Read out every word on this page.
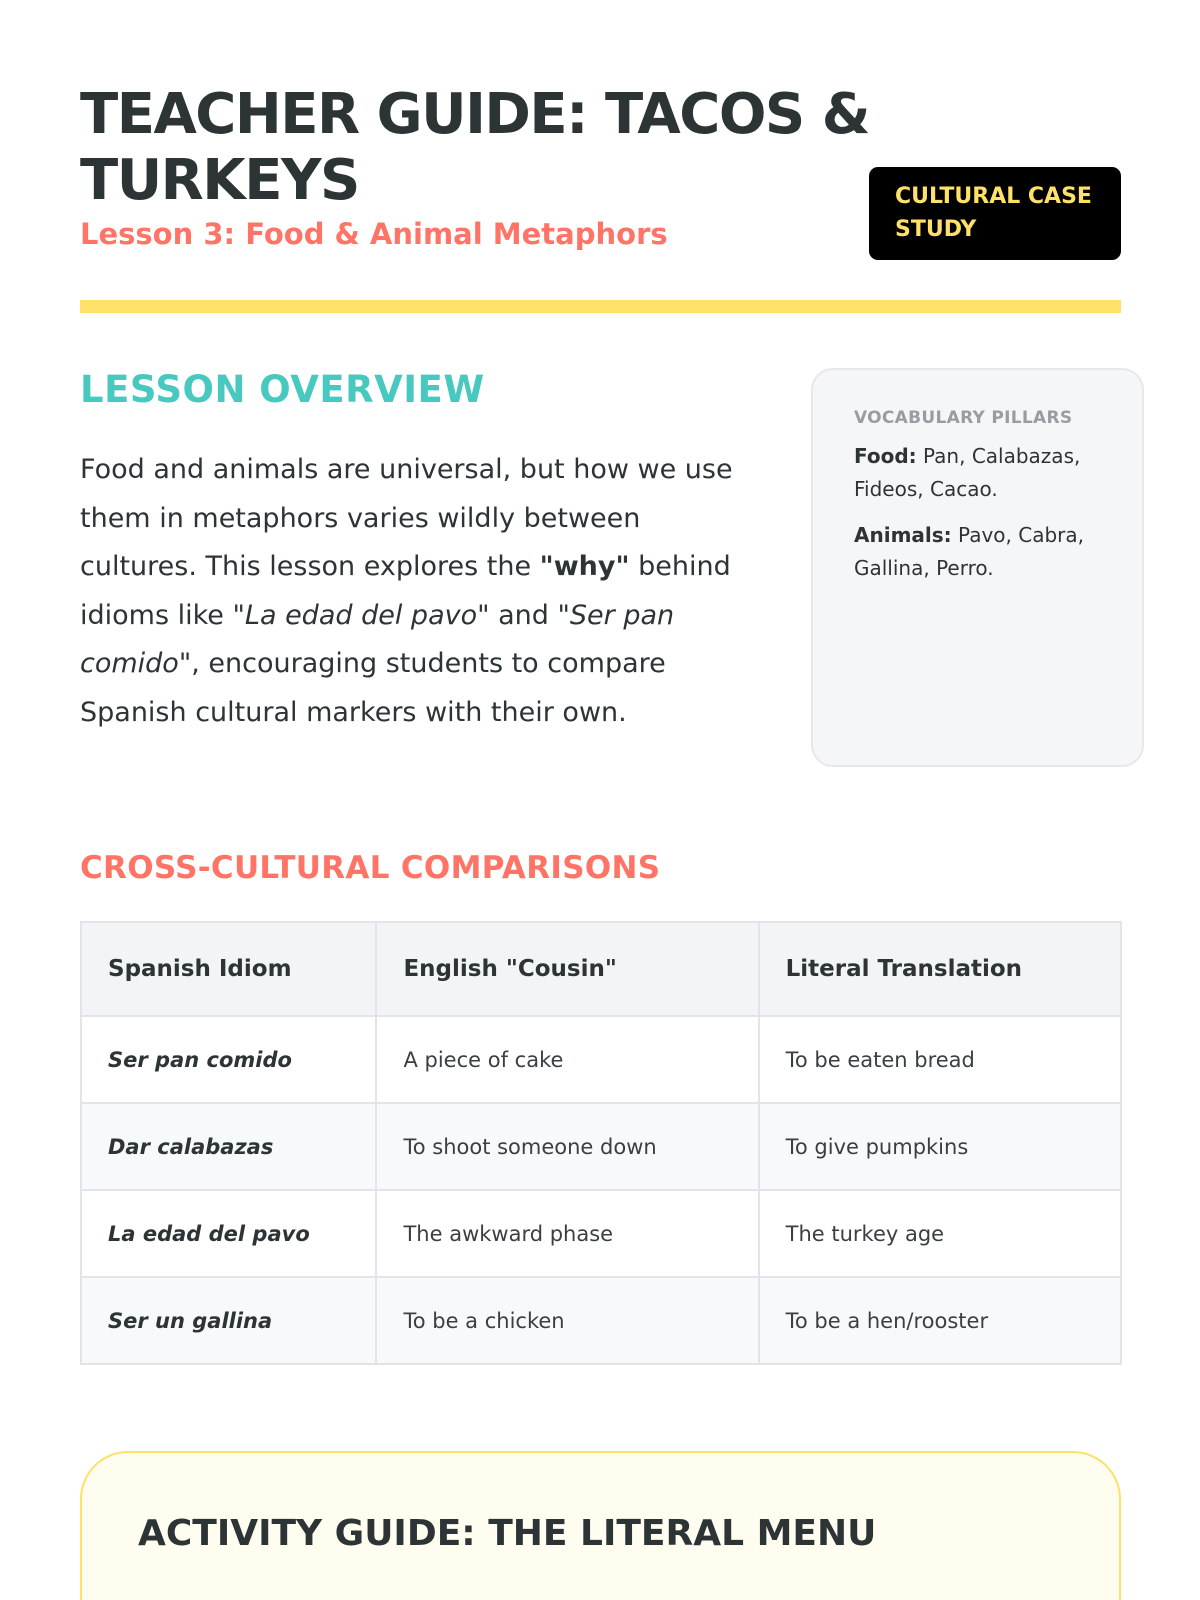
TEACHER GUIDE: TACOS & TURKEYS

Lesson 3: Food & Animal Metaphors

CULTURAL CASE STUDY
LESSON OVERVIEW

Food and animals are universal, but how we use them in metaphors varies wildly between cultures. This lesson explores the "why" behind idioms like "La edad del pavo" and "Ser pan comido", encouraging students to compare Spanish cultural markers with their own.

VOCABULARY PILLARS

Food: Pan, Calabazas, Fideos, Cacao.

Animals: Pavo, Cabra, Gallina, Perro.

CROSS-CULTURAL COMPARISONS
Spanish Idiom	English "Cousin"	Literal Translation
Ser pan comido	A piece of cake	To be eaten bread
Dar calabazas	To shoot someone down	To give pumpkins
La edad del pavo	The awkward phase	The turkey age
Ser un gallina	To be a chicken	To be a hen/rooster
ACTIVITY GUIDE: THE LITERAL MENU
